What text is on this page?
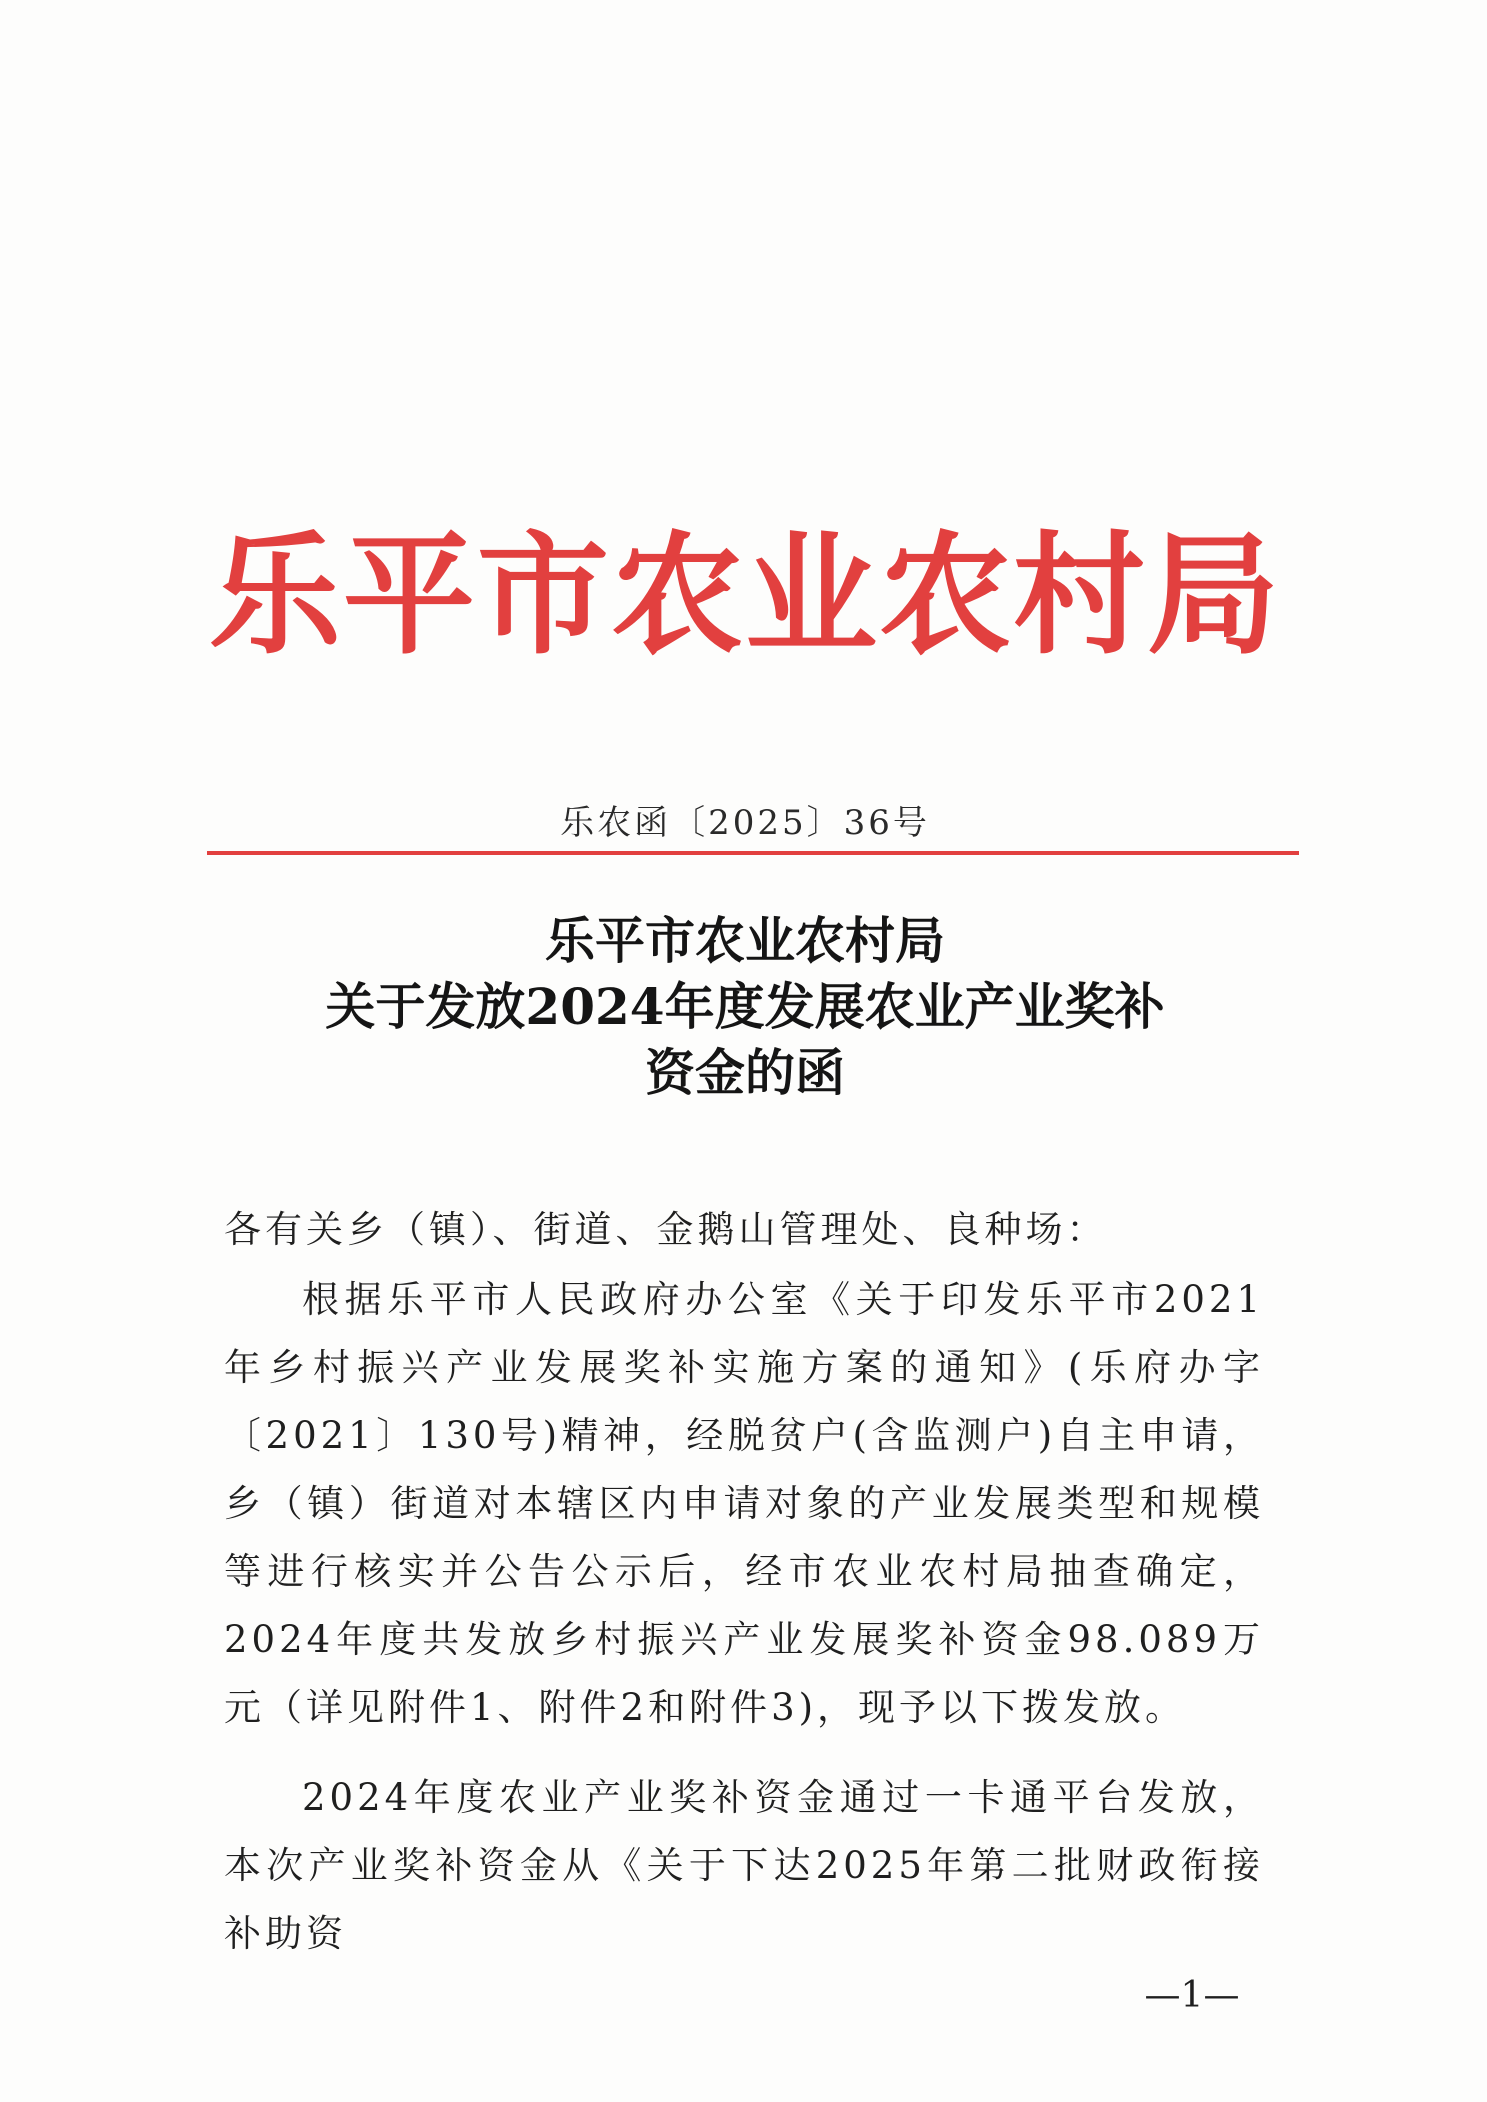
乐平市农业农村局
乐农函〔2025〕36号
乐平市农业农村局
关于发放2024年度发展农业产业奖补
资金的函
各有关乡（镇）、街道、金鹅山管理处、良种场：
根据乐平市人民政府办公室《关于印发乐平市2021年乡村振兴产业发展奖补实施方案的通知》(乐府办字〔2021〕130号)精神，经脱贫户(含监测户)自主申请，乡（镇）街道对本辖区内申请对象的产业发展类型和规模等进行核实并公告公示后，经市农业农村局抽查确定，2024年度共发放乡村振兴产业发展奖补资金98.089万元（详见附件1、附件2和附件3)，现予以下拨发放。
2024年度农业产业奖补资金通过一卡通平台发放，本次产业奖补资金从《关于下达2025年第二批财政衔接补助资
—1—
